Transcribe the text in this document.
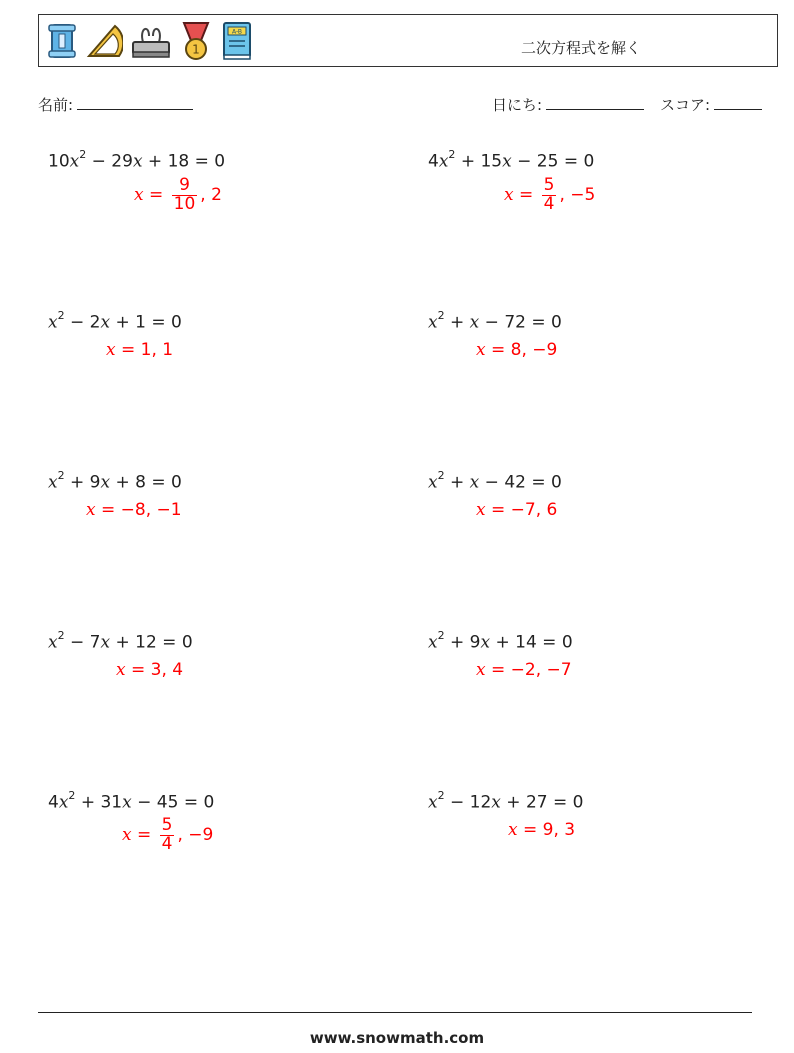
1
A-B
二次方程式を解く
名前:	日にち:	スコア:
$10x^2 - 29x + 18 = 0$
$x = \frac{9}{10}$ , 2
$4x^2 + 15x - 25 = 0$
$x = \frac{5}{4}$ , −5
$x^2 - 2x + 1 = 0$
x = 1, 1
$x^2 + x - 72 = 0$
x = 8, −9
$x^2 + 9x + 8 = 0$
x = −8, −1
$x^2 + x - 42 = 0$
x = −7, 6
$x^2 - 7x + 12 = 0$
x = 3, 4
$x^2 + 9x + 14 = 0$
x = −2, −7
$4x^2 + 31x - 45 = 0$
$x = \frac{5}{4}$ , −9
$x^2 - 12x + 27 = 0$
x = 9, 3
www.snowmath.com
